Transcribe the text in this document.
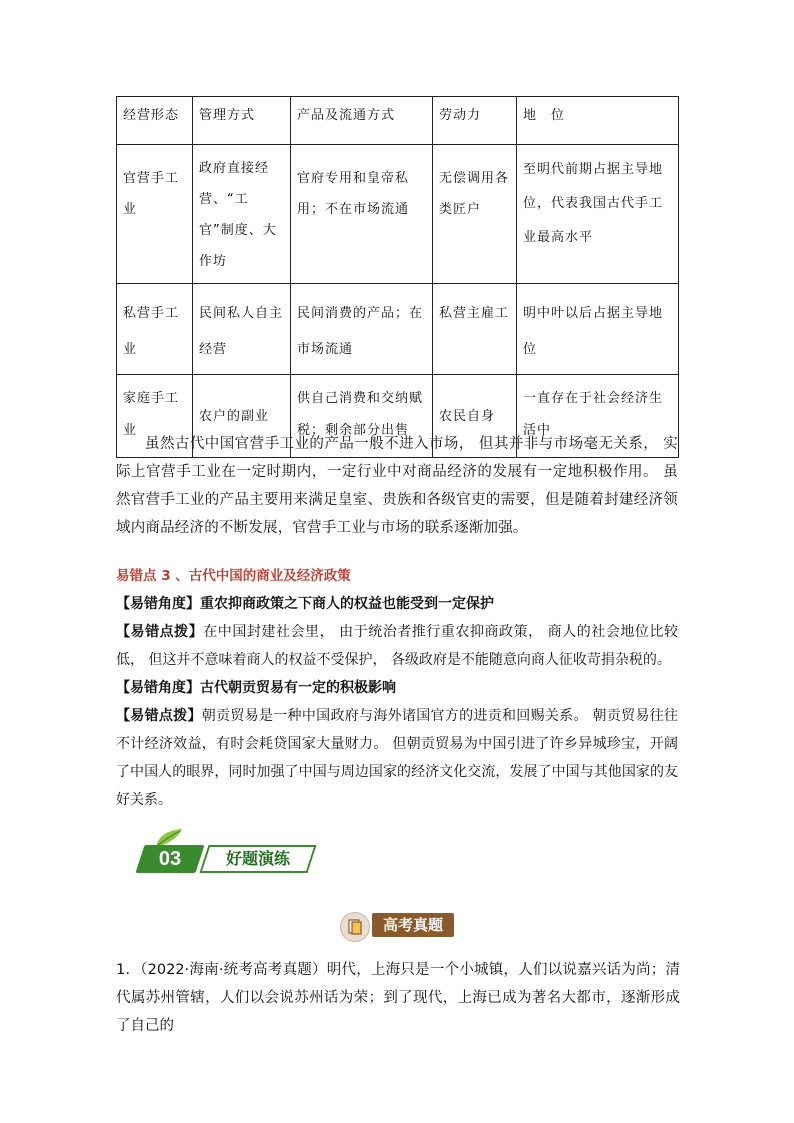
经营形态	管理方式	产品及流通方式	劳动力	地　位
官营手工业	政府直接经营、“工官”制度、大作坊	官府专用和皇帝私用；不在市场流通	无偿调用各类匠户	至明代前期占据主导地位，代表我国古代手工业最高水平
私营手工业	民间私人自主经营	民间消费的产品；在市场流通	私营主雇工	明中叶以后占据主导地位
家庭手工业	农户的副业	供自己消费和交纳赋税；剩余部分出售	农民自身	一直存在于社会经济生活中
虽然古代中国官营手工业的产品一般不进入市场， 但其并非与市场毫无关系， 实际上官营手工业在一定时期内，一定行业中对商品经济的发展有一定地积极作用。 虽然官营手工业的产品主要用来满足皇室、贵族和各级官吏的需要，但是随着封建经济领域内商品经济的不断发展，官营手工业与市场的联系逐渐加强。
易错点 3 、古代中国的商业及经济政策
【易错角度】重农抑商政策之下商人的权益也能受到一定保护
【易错点拨】在中国封建社会里， 由于统治者推行重农抑商政策， 商人的社会地位比较低， 但这并不意味着商人的权益不受保护， 各级政府是不能随意向商人征收苛捐杂税的。
【易错角度】古代朝贡贸易有一定的积极影响
【易错点拨】朝贡贸易是一种中国政府与海外诸国官方的进贡和回赐关系。 朝贡贸易往往不计经济效益，有时会耗贷国家大量财力。 但朝贡贸易为中国引进了许乡异城珍宝，开阔了中国人的眼界，同时加强了中国与周边国家的经济文化交流，发展了中国与其他国家的友好关系。
03	好题演练
高考真题
1．（2022·海南·统考高考真题）明代，上海只是一个小城镇，人们以说嘉兴话为尚；清代属苏州管辖，人们以会说苏州话为荣；到了现代，上海已成为著名大都市，逐渐形成了自己的
